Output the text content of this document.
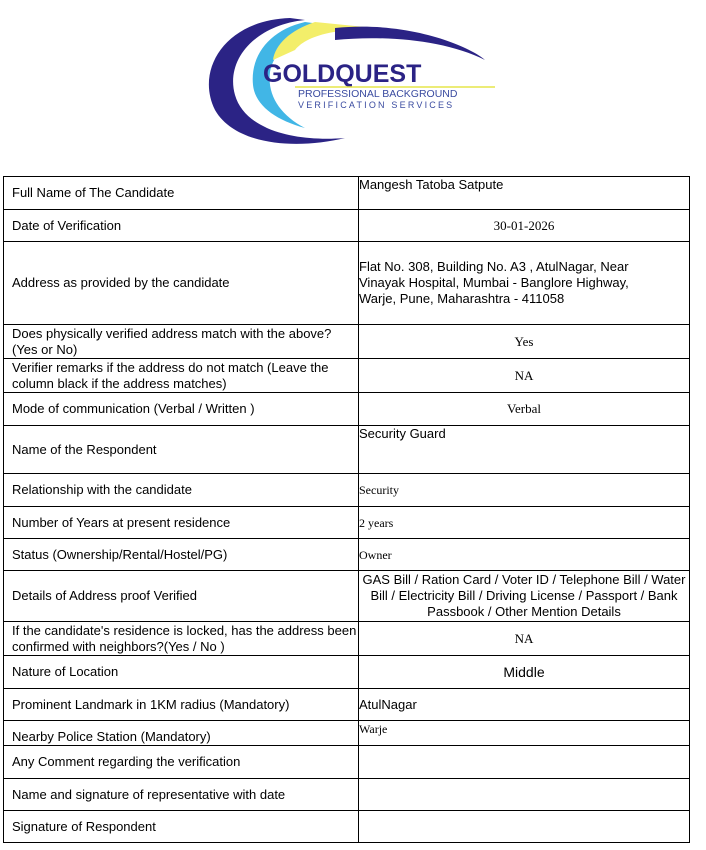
GOLDQUEST
PROFESSIONAL BACKGROUND
VERIFICATION SERVICES
Full Name of The Candidate	Mangesh Tatoba Satpute
Date of Verification	30-01-2026
Address as provided by the candidate	Flat No. 308, Building No. A3 , AtulNagar, Near Vinayak Hospital, Mumbai - Banglore Highway, Warje, Pune, Maharashtra - 411058
Does physically verified address match with the above? (Yes or No)	Yes
Verifier remarks if the address do not match (Leave the column black if the address matches)	NA
Mode of communication (Verbal / Written )	Verbal
Name of the Respondent	Security Guard
Relationship with the candidate	Security
Number of Years at present residence	2 years
Status (Ownership/Rental/Hostel/PG)	Owner
Details of Address proof Verified	GAS Bill / Ration Card / Voter ID / Telephone Bill / Water Bill / Electricity Bill / Driving License / Passport / Bank Passbook / Other Mention Details
If the candidate's residence is locked, has the address been confirmed with neighbors?(Yes / No )	NA
Nature of Location	Middle
Prominent Landmark in 1KM radius (Mandatory)	AtulNagar
Nearby Police Station (Mandatory)	Warje
Any Comment regarding the verification	
Name and signature of representative with date	
Signature of Respondent	
